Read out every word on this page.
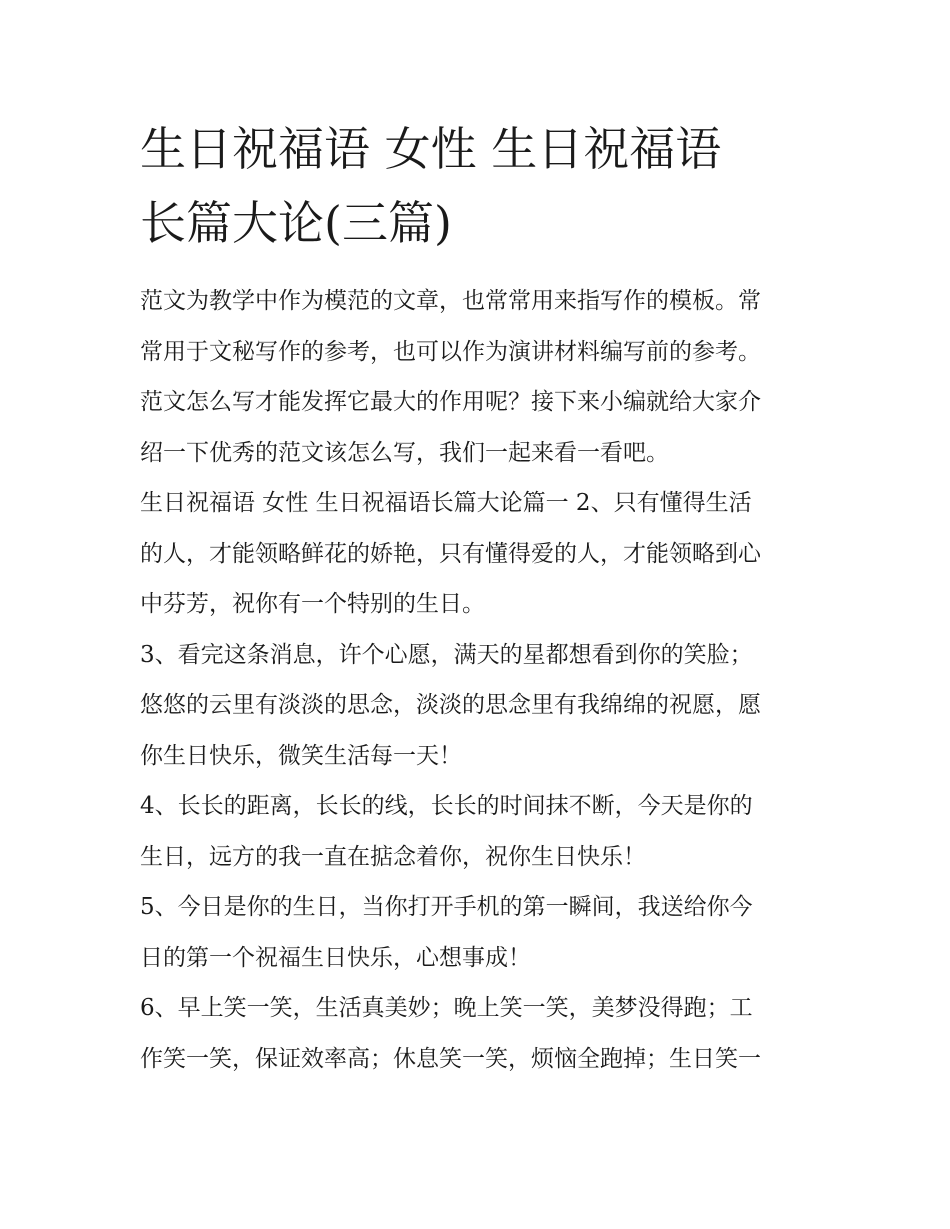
生日祝福语 女性 生日祝福语
长篇大论(三篇)

范文为教学中作为模范的文章，也常常用来指写作的模板。常
常用于文秘写作的参考，也可以作为演讲材料编写前的参考。
范文怎么写才能发挥它最大的作用呢？接下来小编就给大家介
绍一下优秀的范文该怎么写，我们一起来看一看吧。

生日祝福语 女性 生日祝福语长篇大论篇一 2、只有懂得生活
的人，才能领略鲜花的娇艳，只有懂得爱的人，才能领略到心
中芬芳，祝你有一个特别的生日。

3、看完这条消息，许个心愿，满天的星都想看到你的笑脸；
悠悠的云里有淡淡的思念，淡淡的思念里有我绵绵的祝愿，愿
你生日快乐，微笑生活每一天！

4、长长的距离，长长的线，长长的时间抹不断，今天是你的
生日，远方的我一直在掂念着你，祝你生日快乐！

5、今日是你的生日，当你打开手机的第一瞬间，我送给你今
日的第一个祝福生日快乐，心想事成！

6、早上笑一笑，生活真美妙；晚上笑一笑，美梦没得跑；工
作笑一笑，保证效率高；休息笑一笑，烦恼全跑掉；生日笑一
